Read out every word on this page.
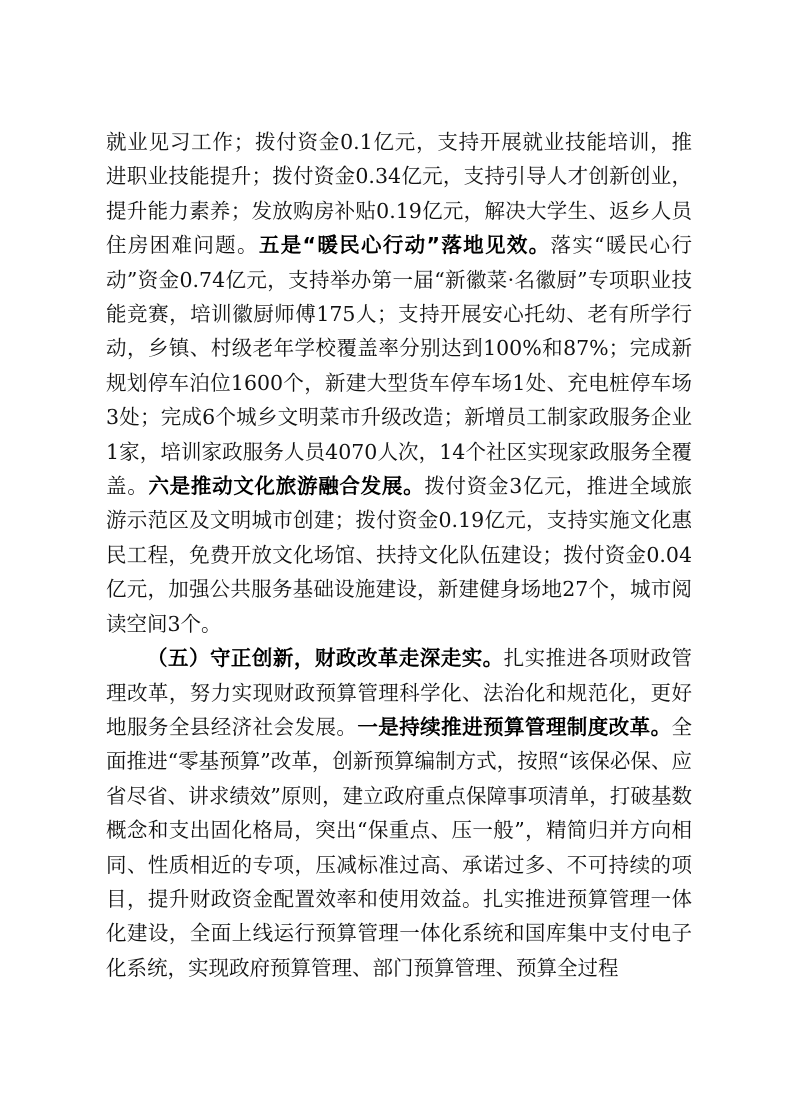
就业见习工作；拨付资金0.1亿元，支持开展就业技能培训，推进职业技能提升；拨付资金0.34亿元，支持引导人才创新创业，提升能力素养；发放购房补贴0.19亿元，解决大学生、返乡人员住房困难问题。五是“暖民心行动”落地见效。落实“暖民心行动”资金0.74亿元，支持举办第一届“新徽菜·名徽厨”专项职业技能竞赛，培训徽厨师傅175人；支持开展安心托幼、老有所学行动，乡镇、村级老年学校覆盖率分别达到100%和87%；完成新规划停车泊位1600个，新建大型货车停车场1处、充电桩停车场3处；完成6个城乡文明菜市升级改造；新增员工制家政服务企业1家，培训家政服务人员4070人次，14个社区实现家政服务全覆盖。六是推动文化旅游融合发展。拨付资金3亿元，推进全域旅游示范区及文明城市创建；拨付资金0.19亿元，支持实施文化惠民工程，免费开放文化场馆、扶持文化队伍建设；拨付资金0.04亿元，加强公共服务基础设施建设，新建健身场地27个，城市阅读空间3个。

（五）守正创新，财政改革走深走实。扎实推进各项财政管理改革，努力实现财政预算管理科学化、法治化和规范化，更好地服务全县经济社会发展。一是持续推进预算管理制度改革。全面推进“零基预算”改革，创新预算编制方式，按照“该保必保、应省尽省、讲求绩效”原则，建立政府重点保障事项清单，打破基数概念和支出固化格局，突出“保重点、压一般”，精简归并方向相同、性质相近的专项，压减标准过高、承诺过多、不可持续的项目，提升财政资金配置效率和使用效益。扎实推进预算管理一体化建设，全面上线运行预算管理一体化系统和国库集中支付电子化系统，实现政府预算管理、部门预算管理、预算全过程
